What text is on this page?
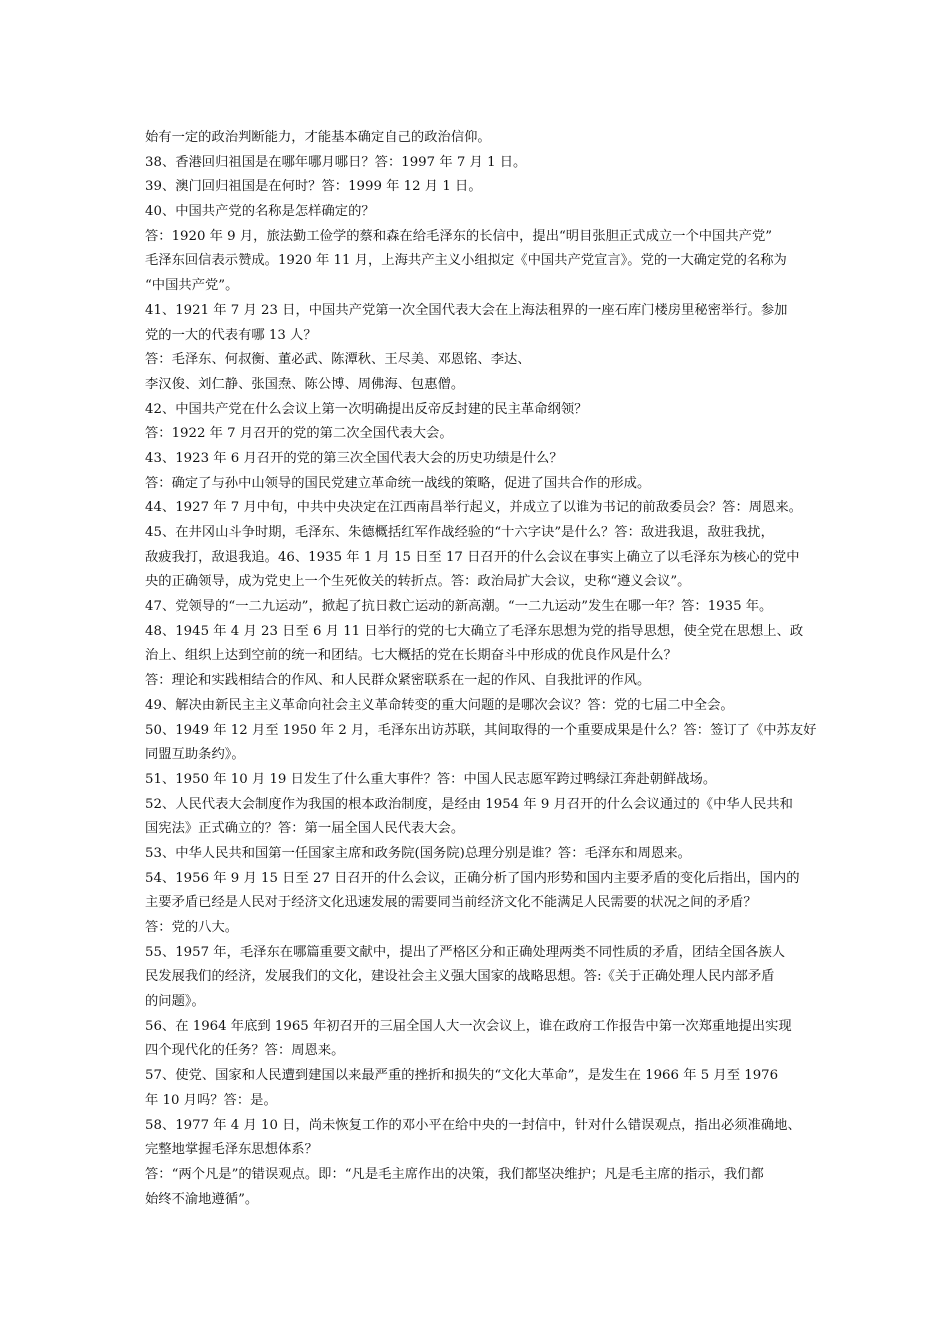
始有一定的政治判断能力，才能基本确定自己的政治信仰。
38、香港回归祖国是在哪年哪月哪日？答：1997 年 7 月 1 日。
39、澳门回归祖国是在何时？答：1999 年 12 月 1 日。
40、中国共产党的名称是怎样确定的？
答：1920 年 9 月，旅法勤工俭学的蔡和森在给毛泽东的长信中，提出“明目张胆正式成立一个中国共产党”
毛泽东回信表示赞成。1920 年 11 月，上海共产主义小组拟定《中国共产党宣言》。党的一大确定党的名称为
“中国共产党”。
41、1921 年 7 月 23 日，中国共产党第一次全国代表大会在上海法租界的一座石库门楼房里秘密举行。参加
党的一大的代表有哪 13 人？
答：毛泽东、何叔衡、董必武、陈潭秋、王尽美、邓恩铭、李达、
李汉俊、刘仁静、张国焘、陈公博、周佛海、包惠僧。
42、中国共产党在什么会议上第一次明确提出反帝反封建的民主革命纲领？
答：1922 年 7 月召开的党的第二次全国代表大会。
43、1923 年 6 月召开的党的第三次全国代表大会的历史功绩是什么？
答：确定了与孙中山领导的国民党建立革命统一战线的策略，促进了国共合作的形成。
44、1927 年 7 月中旬，中共中央决定在江西南昌举行起义，并成立了以谁为书记的前敌委员会？答：周恩来。
45、在井冈山斗争时期，毛泽东、朱德概括红军作战经验的“十六字诀”是什么？答：敌进我退，敌驻我扰，
敌疲我打，敌退我追。46、1935 年 1 月 15 日至 17 日召开的什么会议在事实上确立了以毛泽东为核心的党中
央的正确领导，成为党史上一个生死攸关的转折点。答：政治局扩大会议，史称“遵义会议”。
47、党领导的“一二九运动”，掀起了抗日救亡运动的新高潮。“一二九运动”发生在哪一年？答：1935 年。
48、1945 年 4 月 23 日至 6 月 11 日举行的党的七大确立了毛泽东思想为党的指导思想，使全党在思想上、政
治上、组织上达到空前的统一和团结。七大概括的党在长期奋斗中形成的优良作风是什么？
答：理论和实践相结合的作风、和人民群众紧密联系在一起的作风、自我批评的作风。
49、解决由新民主主义革命向社会主义革命转变的重大问题的是哪次会议？答：党的七届二中全会。
50、1949 年 12 月至 1950 年 2 月，毛泽东出访苏联，其间取得的一个重要成果是什么？答：签订了《中苏友好
同盟互助条约》。
51、1950 年 10 月 19 日发生了什么重大事件？答：中国人民志愿军跨过鸭绿江奔赴朝鲜战场。
52、人民代表大会制度作为我国的根本政治制度，是经由 1954 年 9 月召开的什么会议通过的《中华人民共和
国宪法》正式确立的？答：第一届全国人民代表大会。
53、中华人民共和国第一任国家主席和政务院(国务院)总理分别是谁？答：毛泽东和周恩来。
54、1956 年 9 月 15 日至 27 日召开的什么会议，正确分析了国内形势和国内主要矛盾的变化后指出，国内的
主要矛盾已经是人民对于经济文化迅速发展的需要同当前经济文化不能满足人民需要的状况之间的矛盾？
答：党的八大。
55、1957 年，毛泽东在哪篇重要文献中，提出了严格区分和正确处理两类不同性质的矛盾，团结全国各族人
民发展我们的经济，发展我们的文化，建设社会主义强大国家的战略思想。答:《关于正确处理人民内部矛盾
的问题》。
56、在 1964 年底到 1965 年初召开的三届全国人大一次会议上，谁在政府工作报告中第一次郑重地提出实现
四个现代化的任务？答：周恩来。
57、使党、国家和人民遭到建国以来最严重的挫折和损失的“文化大革命”，是发生在 1966 年 5 月至 1976
年 10 月吗？答：是。
58、1977 年 4 月 10 日，尚未恢复工作的邓小平在给中央的一封信中，针对什么错误观点，指出必须准确地、
完整地掌握毛泽东思想体系？
答：“两个凡是”的错误观点。即：“凡是毛主席作出的决策，我们都坚决维护；凡是毛主席的指示，我们都
始终不渝地遵循”。
